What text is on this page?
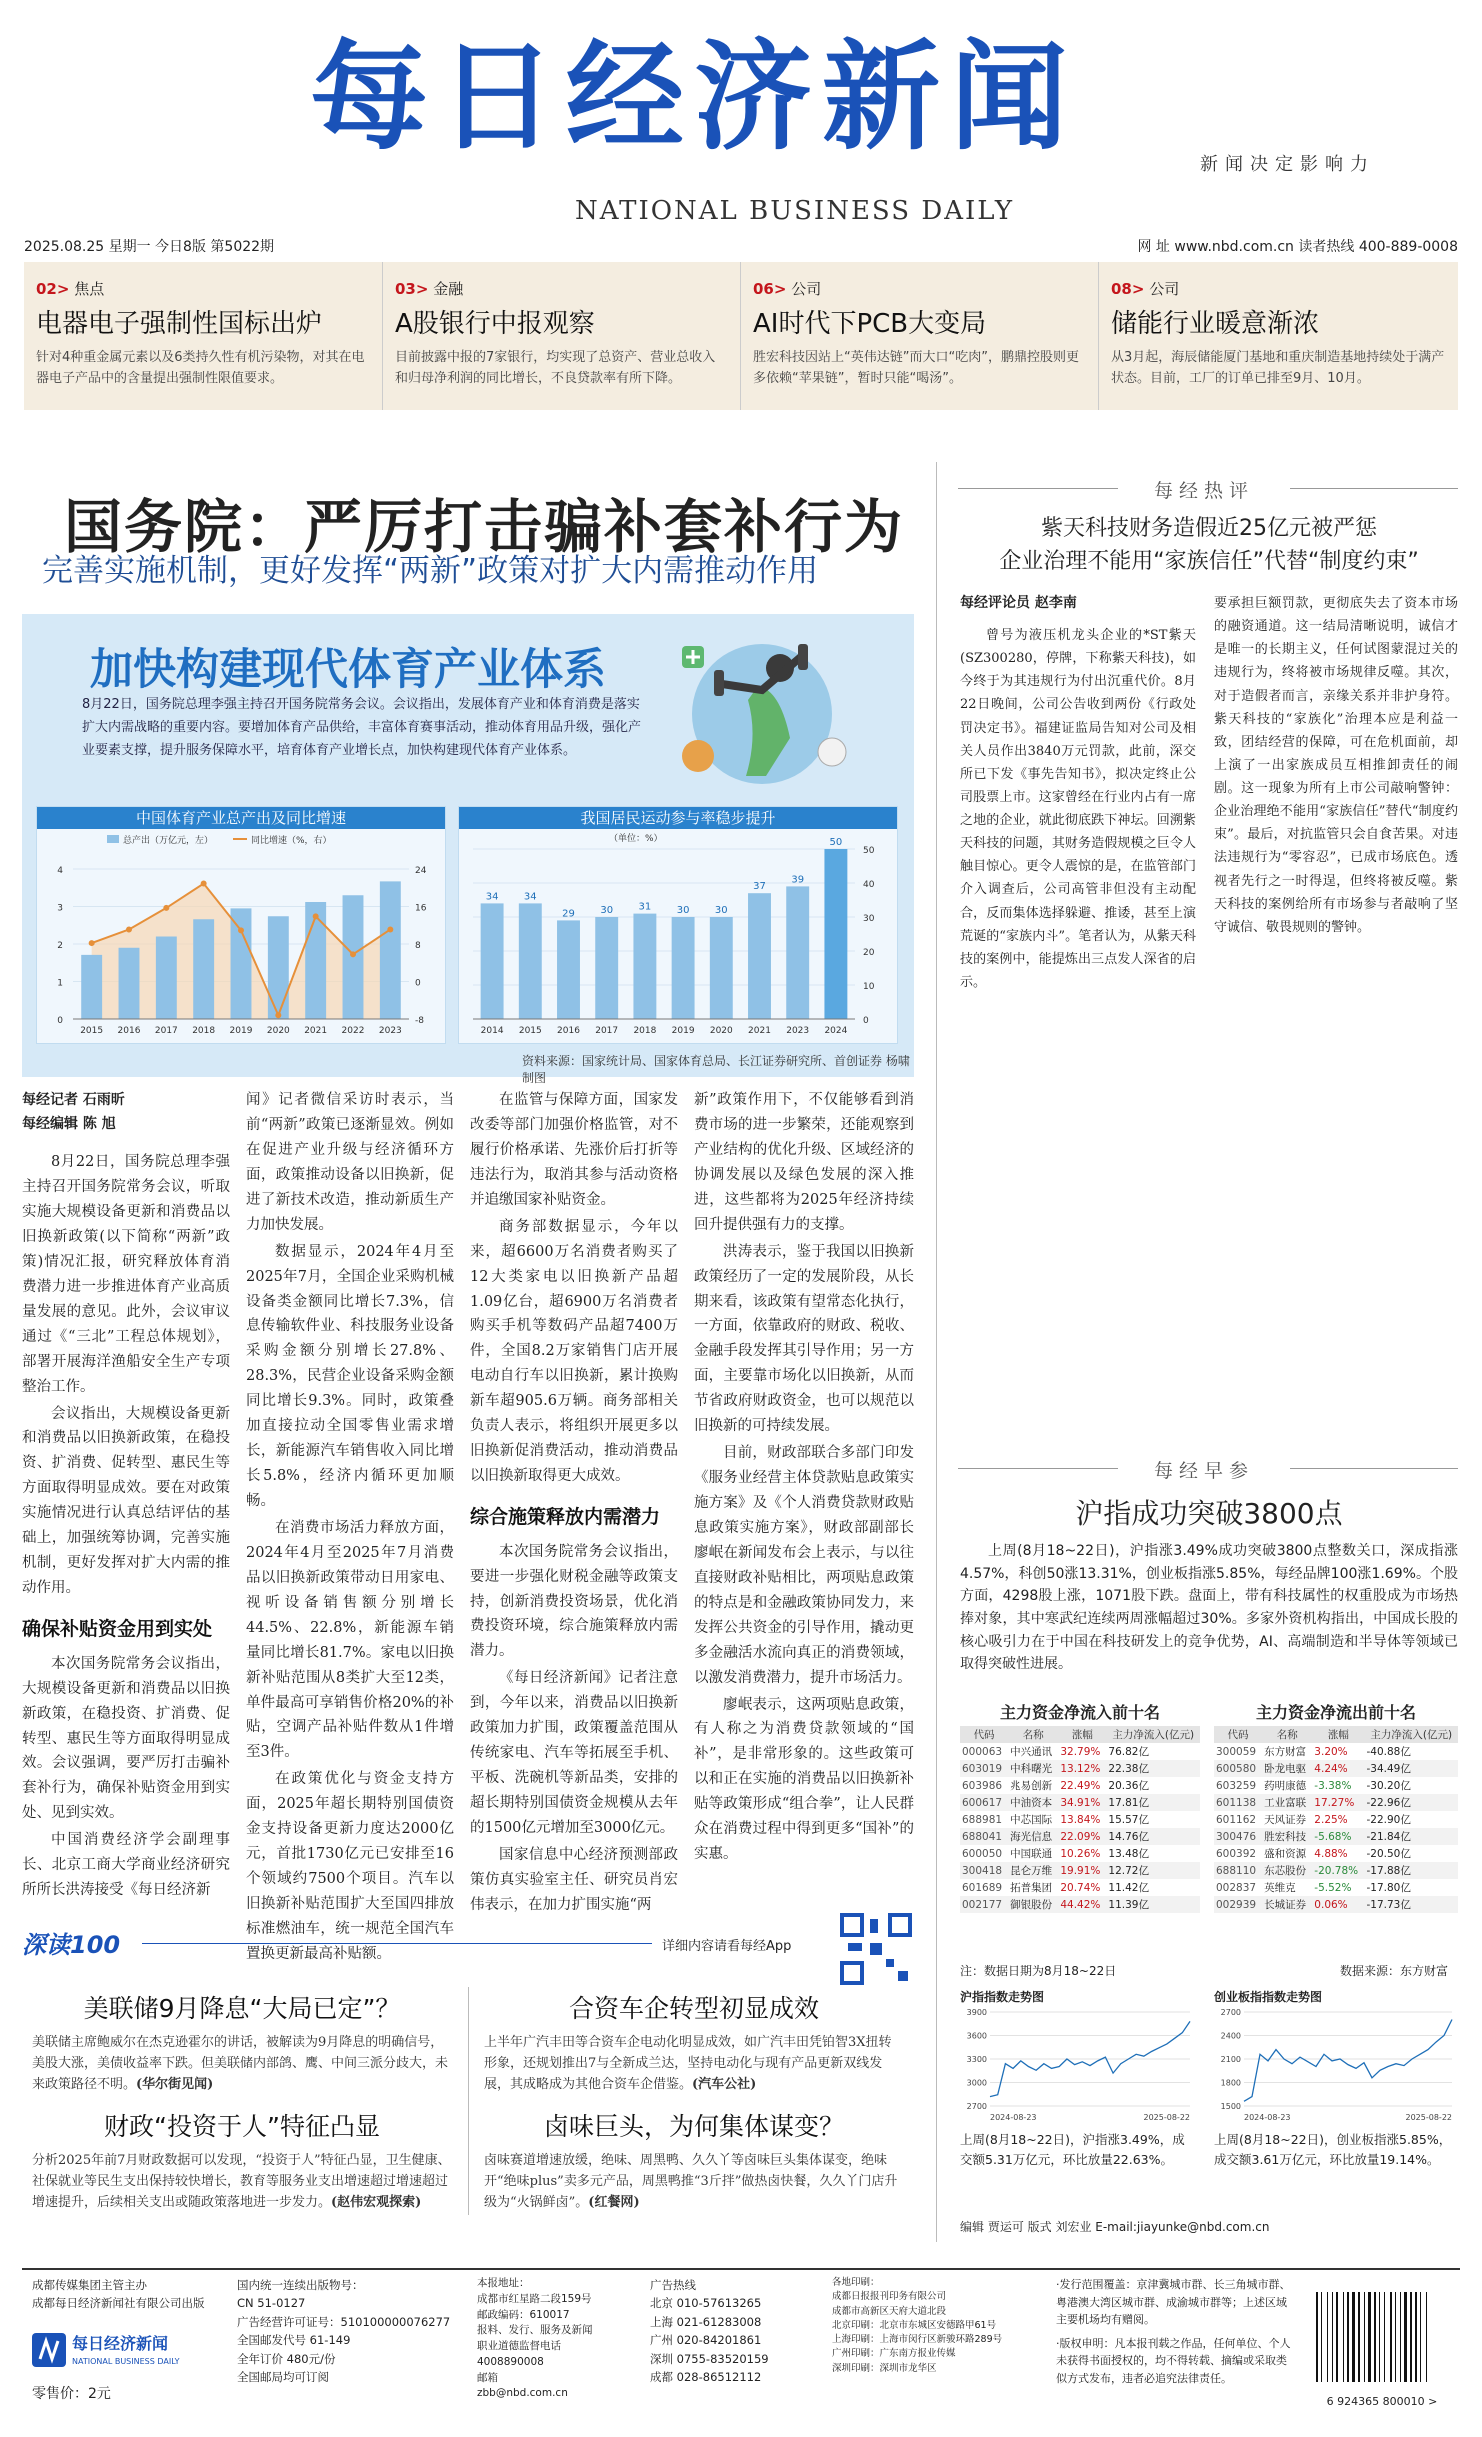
每日经济新闻
NATIONAL BUSINESS DAILY
新闻决定影响力
2025.08.25 星期一 今日8版 第5022期	网 址 www.nbd.com.cn 读者热线 400-889-0008
02> 焦点
电器电子强制性国标出炉
针对4种重金属元素以及6类持久性有机污染物，对其在电器电子产品中的含量提出强制性限值要求。
03> 金融
A股银行中报观察
目前披露中报的7家银行，均实现了总资产、营业总收入和归母净利润的同比增长，不良贷款率有所下降。
06> 公司
AI时代下PCB大变局
胜宏科技因站上“英伟达链”而大口“吃肉”，鹏鼎控股则更多依赖“苹果链”，暂时只能“喝汤”。
08> 公司
储能行业暖意渐浓
从3月起，海辰储能厦门基地和重庆制造基地持续处于满产状态。目前，工厂的订单已排至9月、10月。
国务院：严厉打击骗补套补行为
完善实施机制，更好发挥“两新”政策对扩大内需推动作用
加快构建现代体育产业体系
8月22日，国务院总理李强主持召开国务院常务会议。会议指出，发展体育产业和体育消费是落实扩大内需战略的重要内容。要增加体育产品供给，丰富体育赛事活动，推动体育用品升级，强化产业要素支撑，提升服务保障水平，培育体育产业增长点，加快构建现代体育产业体系。
中国体育产业总产出及同比增速
总产出（万亿元，左）	同比增速（%，右）
0
1
2
3
4
-8
0
8
16
24
2015 2016 2017 2018 2019 2020 2021 2022 2023
我国居民运动参与率稳步提升
（单位：%）
0
10
20
30
40
50
34
2014
34
2015
29
2016
30
2017
31
2018
30
2019
30
2020
37
2021
39
2023
50
2024
资料来源：国家统计局、国家体育总局、长江证券研究所、首创证券 杨啸制图
每经记者 石雨昕
每经编辑 陈 旭

8月22日，国务院总理李强主持召开国务院常务会议，听取实施大规模设备更新和消费品以旧换新政策(以下简称“两新”政策)情况汇报，研究释放体育消费潜力进一步推进体育产业高质量发展的意见。此外，会议审议通过《“三北”工程总体规划》，部署开展海洋渔船安全生产专项整治工作。

会议指出，大规模设备更新和消费品以旧换新政策，在稳投资、扩消费、促转型、惠民生等方面取得明显成效。要在对政策实施情况进行认真总结评估的基础上，加强统筹协调，完善实施机制，更好发挥对扩大内需的推动作用。

确保补贴资金用到实处

本次国务院常务会议指出，大规模设备更新和消费品以旧换新政策，在稳投资、扩消费、促转型、惠民生等方面取得明显成效。会议强调，要严厉打击骗补套补行为，确保补贴资金用到实处、见到实效。

中国消费经济学会副理事长、北京工商大学商业经济研究所所长洪涛接受《每日经济新

闻》记者微信采访时表示，当前“两新”政策已逐渐显效。例如在促进产业升级与经济循环方面，政策推动设备以旧换新，促进了新技术改造，推动新质生产力加快发展。

数据显示，2024年4月至2025年7月，全国企业采购机械设备类金额同比增长7.3%，信息传输软件业、科技服务业设备采购金额分别增长27.8%、28.3%，民营企业设备采购金额同比增长9.3%。同时，政策叠加直接拉动全国零售业需求增长，新能源汽车销售收入同比增长5.8%，经济内循环更加顺畅。

在消费市场活力释放方面，2024年4月至2025年7月消费品以旧换新政策带动日用家电、视听设备销售额分别增长44.5%、22.8%，新能源车销量同比增长81.7%。家电以旧换新补贴范围从8类扩大至12类，单件最高可享销售价格20%的补贴，空调产品补贴件数从1件增至3件。

在政策优化与资金支持方面，2025年超长期特别国债资金支持设备更新力度达2000亿元，首批1730亿元已安排至16个领域约7500个项目。汽车以旧换新补贴范围扩大至国四排放标准燃油车，统一规范全国汽车置换更新最高补贴额。

在监管与保障方面，国家发改委等部门加强价格监管，对不履行价格承诺、先涨价后打折等违法行为，取消其参与活动资格并追缴国家补贴资金。

商务部数据显示，今年以来，超6600万名消费者购买了12大类家电以旧换新产品超1.09亿台，超6900万名消费者购买手机等数码产品超7400万件，全国8.2万家销售门店开展电动自行车以旧换新，累计换购新车超905.6万辆。商务部相关负责人表示，将组织开展更多以旧换新促消费活动，推动消费品以旧换新取得更大成效。

综合施策释放内需潜力

本次国务院常务会议指出，要进一步强化财税金融等政策支持，创新消费投资场景，优化消费投资环境，综合施策释放内需潜力。

《每日经济新闻》记者注意到，今年以来，消费品以旧换新政策加力扩围，政策覆盖范围从传统家电、汽车等拓展至手机、平板、洗碗机等新品类，安排的超长期特别国债资金规模从去年的1500亿元增加至3000亿元。

国家信息中心经济预测部政策仿真实验室主任、研究员肖宏伟表示，在加力扩围实施“两

新”政策作用下，不仅能够看到消费市场的进一步繁荣，还能观察到产业结构的优化升级、区域经济的协调发展以及绿色发展的深入推进，这些都将为2025年经济持续回升提供强有力的支撑。

洪涛表示，鉴于我国以旧换新政策经历了一定的发展阶段，从长期来看，该政策有望常态化执行，一方面，依靠政府的财政、税收、金融手段发挥其引导作用；另一方面，主要靠市场化以旧换新，从而节省政府财政资金，也可以规范以旧换新的可持续发展。

目前，财政部联合多部门印发《服务业经营主体贷款贴息政策实施方案》及《个人消费贷款财政贴息政策实施方案》，财政部副部长廖岷在新闻发布会上表示，与以往直接财政补贴相比，两项贴息政策的特点是和金融政策协同发力，来发挥公共资金的引导作用，撬动更多金融活水流向真正的消费领域，以激发消费潜力，提升市场活力。

廖岷表示，这两项贴息政策，有人称之为消费贷款领域的“国补”，是非常形象的。这些政策可以和正在实施的消费品以旧换新补贴等政策形成“组合拳”，让人民群众在消费过程中得到更多“国补”的实惠。

深读100	详细内容请看每经App
美联储9月降息“大局已定”？
美联储主席鲍威尔在杰克逊霍尔的讲话，被解读为9月降息的明确信号，美股大涨，美债收益率下跌。但美联储内部鸽、鹰、中间三派分歧大，未来政策路径不明。(华尔街见闻)
合资车企转型初显成效
上半年广汽丰田等合资车企电动化明显成效，如广汽丰田凭铂智3X扭转形象，还规划推出7与全新成兰达，坚持电动化与现有产品更新双线发展，其成略成为其他合资车企借鉴。(汽车公社)
财政“投资于人”特征凸显
分析2025年前7月财政数据可以发现，“投资于人”特征凸显，卫生健康、社保就业等民生支出保持较快增长，教育等服务业支出增速超过增速超过增速提升，后续相关支出或随政策落地进一步发力。(赵伟宏观探索)
卤味巨头，为何集体谋变？
卤味赛道增速放缓，绝味、周黑鸭、久久丫等卤味巨头集体谋变，绝味开“绝味plus”卖多元产品，周黑鸭推“3斤拌”做热卤快餐，久久丫门店升级为“火锅鲜卤”。(红餐网)
每经热评
紫天科技财务造假近25亿元被严惩
企业治理不能用“家族信任”代替“制度约束”
每经评论员 赵李南

曾号为液压机龙头企业的*ST紫天(SZ300280，停牌，下称紫天科技)，如今终于为其违规行为付出沉重代价。8月22日晚间，公司公告收到两份《行政处罚决定书》。福建证监局告知对公司及相关人员作出3840万元罚款，此前，深交所已下发《事先告知书》，拟决定终止公司股票上市。这家曾经在行业内占有一席之地的企业，就此彻底跌下神坛。回溯紫天科技的问题，其财务造假规模之巨令人触目惊心。更令人震惊的是，在监管部门介入调查后，公司高管非但没有主动配合，反而集体选择躲避、推诿，甚至上演荒诞的“家族内斗”。笔者认为，从紫天科技的案例中，能提炼出三点发人深省的启示。

要承担巨额罚款，更彻底失去了资本市场的融资通道。这一结局清晰说明，诚信才是唯一的长期主义，任何试图蒙混过关的违规行为，终将被市场规律反噬。其次，对于造假者而言，亲缘关系并非护身符。紫天科技的“家族化”治理本应是利益一致，团结经营的保障，可在危机面前，却上演了一出家族成员互相推卸责任的闹剧。这一现象为所有上市公司敲响警钟：企业治理绝不能用“家族信任”替代“制度约束”。最后，对抗监管只会自食苦果。对违法违规行为“零容忍”，已成市场底色。透视者先行之一时得逞，但终将被反噬。紫天科技的案例给所有市场参与者敲响了坚守诚信、敬畏规则的警钟。

每经早参
沪指成功突破3800点
上周(8月18~22日)，沪指涨3.49%成功突破3800点整数关口，深成指涨4.57%，科创50涨13.31%，创业板指涨5.85%，每经品牌100涨1.69%。个股方面，4298股上涨，1071股下跌。盘面上，带有科技属性的权重股成为市场热捧对象，其中寒武纪连续两周涨幅超过30%。多家外资机构指出，中国成长股的核心吸引力在于中国在科技研发上的竞争优势，AI、高端制造和半导体等领域已取得突破性进展。
主力资金净流入前十名	主力资金净流出前十名
代码	名称	涨幅	主力净流入(亿元)
000063	中兴通讯	32.79%	76.82亿
603019	中科曙光	13.12%	22.38亿
603986	兆易创新	22.49%	20.36亿
600617	中油资本	34.91%	17.81亿
688981	中芯国际	13.84%	15.57亿
688041	海光信息	22.09%	14.76亿
600050	中国联通	10.26%	13.48亿
300418	昆仑万维	19.91%	12.72亿
601689	拓普集团	20.74%	11.42亿
002177	御银股份	44.42%	11.39亿
代码	名称	涨幅	主力净流入(亿元)
300059	东方财富	3.20%	-40.88亿
600580	卧龙电驱	4.24%	-34.49亿
603259	药明康德	-3.38%	-30.20亿
601138	工业富联	17.27%	-22.96亿
601162	天风证券	2.25%	-22.90亿
300476	胜宏科技	-5.68%	-21.84亿
600392	盛和资源	4.88%	-20.50亿
688110	东芯股份	-20.78%	-17.88亿
002837	英维克	-5.52%	-17.80亿
002939	长城证券	0.06%	-17.73亿
注：数据日期为8月18~22日	数据来源：东方财富
沪指指数走势图	创业板指指数走势图
2700
3000
3300
3600
3900
2024-08-23	2025-08-22
1500
1800
2100
2400
2700
2024-08-23	2025-08-22
上周(8月18~22日)，沪指涨3.49%，成交额5.31万亿元，环比放量22.63%。
上周(8月18~22日)，创业板指涨5.85%，成交额3.61万亿元，环比放量19.14%。
编辑 贾运可 版式 刘宏业 E-mail:jiayunke@nbd.com.cn
成都传媒集团主管主办
成都每日经济新闻社有限公司出版
每日经济新闻
NATIONAL BUSINESS DAILY
零售价：2元
国内统一连续出版物号：
CN 51-0127
广告经营许可证号：510100000076277
全国邮发代号 61-149
全年订价 480元/份
全国邮局均可订阅
本报地址：
成都市红星路二段159号
邮政编码：610017
报料、发行、服务及新闻
职业道德监督电话
4008890008
邮箱
zbb@nbd.com.cn
广告热线
北京 010-57613265
上海 021-61283008
广州 020-84201861
深圳 0755-83520159
成都 028-86512112
各地印刷：
成都日报报刊印务有限公司
成都市高新区天府大道北段
北京印刷：北京市东城区安德路甲61号
上海印刷：上海市闵行区新骏环路289号
广州印刷：广东南方报业传媒
深圳印刷：深圳市龙华区
·发行范围覆盖：京津冀城市群、长三角城市群、粤港澳大湾区城市群、成渝城市群等；上述区域主要机场均有赠阅。
·版权申明：凡本报刊载之作品，任何单位、个人未获得书面授权的，均不得转载、摘编或采取类似方式发布，违者必追究法律责任。
6 924365 800010 >
